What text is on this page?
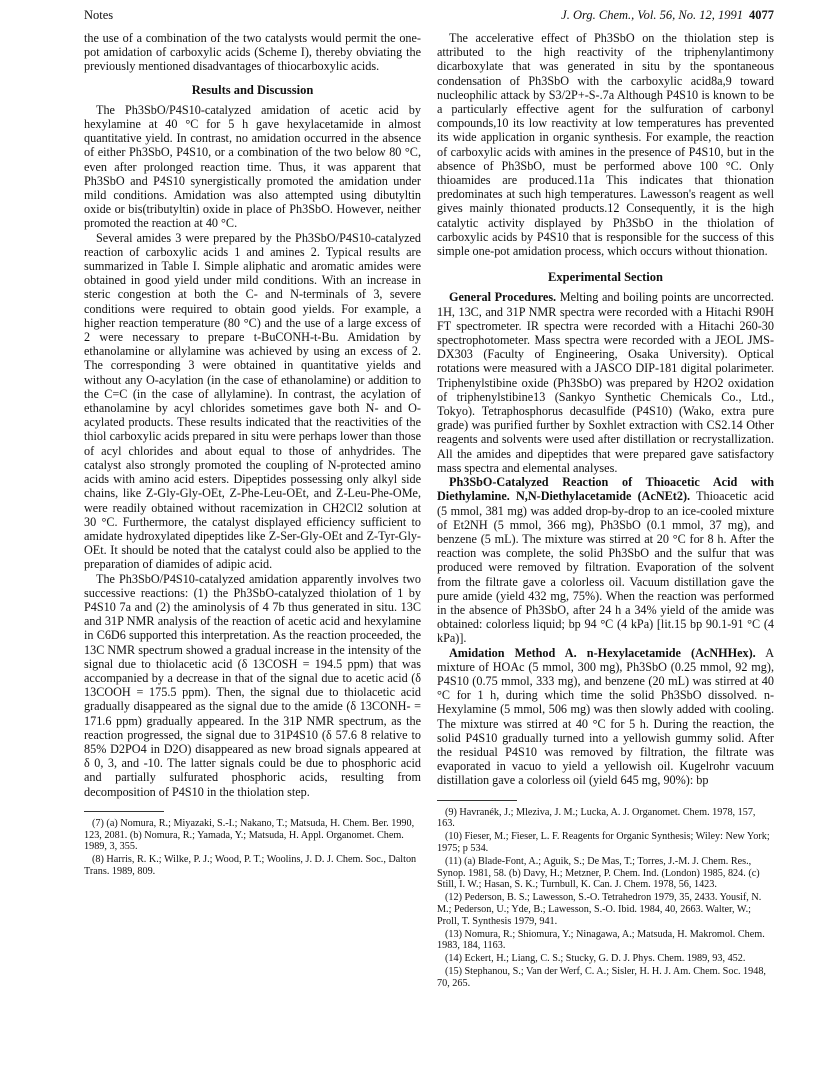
Notes	J. Org. Chem., Vol. 56, No. 12, 1991 4077

the use of a combination of the two catalysts would permit the one-pot amidation of carboxylic acids (Scheme I), thereby obviating the previously mentioned disadvantages of thiocarboxylic acids.

Results and Discussion

The Ph3SbO/P4S10-catalyzed amidation of acetic acid by hexylamine at 40 °C for 5 h gave hexylacetamide in almost quantitative yield. In contrast, no amidation occurred in the absence of either Ph3SbO, P4S10, or a combination of the two below 80 °C, even after prolonged reaction time. Thus, it was apparent that Ph3SbO and P4S10 synergistically promoted the amidation under mild conditions. Amidation was also attempted using dibutyltin oxide or bis(tributyltin) oxide in place of Ph3SbO. However, neither promoted the reaction at 40 °C.

Several amides 3 were prepared by the Ph3SbO/P4S10-catalyzed reaction of carboxylic acids 1 and amines 2. Typical results are summarized in Table I. Simple aliphatic and aromatic amides were obtained in good yield under mild conditions. With an increase in steric congestion at both the C- and N-terminals of 3, severe conditions were required to obtain good yields. For example, a higher reaction temperature (80 °C) and the use of a large excess of 2 were necessary to prepare t-BuCONH-t-Bu. Amidation by ethanolamine or allylamine was achieved by using an excess of 2. The corresponding 3 were obtained in quantitative yields and without any O-acylation (in the case of ethanolamine) or addition to the C=C (in the case of allylamine). In contrast, the acylation of ethanolamine by acyl chlorides sometimes gave both N- and O-acylated products. These results indicated that the reactivities of the thiol carboxylic acids prepared in situ were perhaps lower than those of acyl chlorides and about equal to those of anhydrides. The catalyst also strongly promoted the coupling of N-protected amino acids with amino acid esters. Dipeptides possessing only alkyl side chains, like Z-Gly-Gly-OEt, Z-Phe-Leu-OEt, and Z-Leu-Phe-OMe, were readily obtained without racemization in CH2Cl2 solution at 30 °C. Furthermore, the catalyst displayed efficiency sufficient to amidate hydroxylated dipeptides like Z-Ser-Gly-OEt and Z-Tyr-Gly-OEt. It should be noted that the catalyst could also be applied to the preparation of diamides of adipic acid.

The Ph3SbO/P4S10-catalyzed amidation apparently involves two successive reactions: (1) the Ph3SbO-catalyzed thiolation of 1 by P4S10 7a and (2) the aminolysis of 4 7b thus generated in situ. 13C and 31P NMR analysis of the reaction of acetic acid and hexylamine in C6D6 supported this interpretation. As the reaction proceeded, the 13C NMR spectrum showed a gradual increase in the intensity of the signal due to thiolacetic acid (δ 13COSH = 194.5 ppm) that was accompanied by a decrease in that of the signal due to acetic acid (δ 13COOH = 175.5 ppm). Then, the signal due to thiolacetic acid gradually disappeared as the signal due to the amide (δ 13CONH- = 171.6 ppm) gradually appeared. In the 31P NMR spectrum, as the reaction progressed, the signal due to 31P4S10 (δ 57.6 8 relative to 85% D2PO4 in D2O) disappeared as new broad signals appeared at δ 0, 3, and -10. The latter signals could be due to phosphoric acid and partially sulfurated phosphoric acids, resulting from decomposition of P4S10 in the thiolation step.

(7) (a) Nomura, R.; Miyazaki, S.-I.; Nakano, T.; Matsuda, H. Chem. Ber. 1990, 123, 2081. (b) Nomura, R.; Yamada, Y.; Matsuda, H. Appl. Organomet. Chem. 1989, 3, 355.
(8) Harris, R. K.; Wilke, P. J.; Wood, P. T.; Woolins, J. D. J. Chem. Soc., Dalton Trans. 1989, 809.

The accelerative effect of Ph3SbO on the thiolation step is attributed to the high reactivity of the triphenylantimony dicarboxylate that was generated in situ by the spontaneous condensation of Ph3SbO with the carboxylic acid8a,9 toward nucleophilic attack by S3/2P+-S-.7a Although P4S10 is known to be a particularly effective agent for the sulfuration of carbonyl compounds,10 its low reactivity at low temperatures has prevented its wide application in organic synthesis. For example, the reaction of carboxylic acids with amines in the presence of P4S10, but in the absence of Ph3SbO, must be performed above 100 °C. Only thioamides are produced.11a This indicates that thionation predominates at such high temperatures. Lawesson's reagent as well gives mainly thionated products.12 Consequently, it is the high catalytic activity displayed by Ph3SbO in the thiolation of carboxylic acids by P4S10 that is responsible for the success of this simple one-pot amidation process, which occurs without thionation.

Experimental Section

General Procedures. Melting and boiling points are uncorrected. 1H, 13C, and 31P NMR spectra were recorded with a Hitachi R90H FT spectrometer. IR spectra were recorded with a Hitachi 260-30 spectrophotometer. Mass spectra were recorded with a JEOL JMS-DX303 (Faculty of Engineering, Osaka University). Optical rotations were measured with a JASCO DIP-181 digital polarimeter. Triphenylstibine oxide (Ph3SbO) was prepared by H2O2 oxidation of triphenylstibine13 (Sankyo Synthetic Chemicals Co., Ltd., Tokyo). Tetraphosphorus decasulfide (P4S10) (Wako, extra pure grade) was purified further by Soxhlet extraction with CS2.14 Other reagents and solvents were used after distillation or recrystallization. All the amides and dipeptides that were prepared gave satisfactory mass spectra and elemental analyses.

Ph3SbO-Catalyzed Reaction of Thioacetic Acid with Diethylamine. N,N-Diethylacetamide (AcNEt2). Thioacetic acid (5 mmol, 381 mg) was added drop-by-drop to an ice-cooled mixture of Et2NH (5 mmol, 366 mg), Ph3SbO (0.1 mmol, 37 mg), and benzene (5 mL). The mixture was stirred at 20 °C for 8 h. After the reaction was complete, the solid Ph3SbO and the sulfur that was produced were removed by filtration. Evaporation of the solvent from the filtrate gave a colorless oil. Vacuum distillation gave the pure amide (yield 432 mg, 75%). When the reaction was performed in the absence of Ph3SbO, after 24 h a 34% yield of the amide was obtained: colorless liquid; bp 94 °C (4 kPa) [lit.15 bp 90.1-91 °C (4 kPa)].

Amidation Method A. n-Hexylacetamide (AcNHHex). A mixture of HOAc (5 mmol, 300 mg), Ph3SbO (0.25 mmol, 92 mg), P4S10 (0.75 mmol, 333 mg), and benzene (20 mL) was stirred at 40 °C for 1 h, during which time the solid Ph3SbO dissolved. n-Hexylamine (5 mmol, 506 mg) was then slowly added with cooling. The mixture was stirred at 40 °C for 5 h. During the reaction, the solid P4S10 gradually turned into a yellowish gummy solid. After the residual P4S10 was removed by filtration, the filtrate was evaporated in vacuo to yield a yellowish oil. Kugelrohr vacuum distillation gave a colorless oil (yield 645 mg, 90%): bp

(9) Havranék, J.; Mleziva, J. M.; Lucka, A. J. Organomet. Chem. 1978, 157, 163.
(10) Fieser, M.; Fieser, L. F. Reagents for Organic Synthesis; Wiley: New York; 1975; p 534.
(11) (a) Blade-Font, A.; Aguik, S.; De Mas, T.; Torres, J.-M. J. Chem. Res., Synop. 1981, 58. (b) Davy, H.; Metzner, P. Chem. Ind. (London) 1985, 824. (c) Still, I. W.; Hasan, S. K.; Turnbull, K. Can. J. Chem. 1978, 56, 1423.
(12) Pederson, B. S.; Lawesson, S.-O. Tetrahedron 1979, 35, 2433. Yousif, N. M.; Pederson, U.; Yde, B.; Lawesson, S.-O. Ibid. 1984, 40, 2663. Walter, W.; Proll, T. Synthesis 1979, 941.
(13) Nomura, R.; Shiomura, Y.; Ninagawa, A.; Matsuda, H. Makromol. Chem. 1983, 184, 1163.
(14) Eckert, H.; Liang, C. S.; Stucky, G. D. J. Phys. Chem. 1989, 93, 452.
(15) Stephanou, S.; Van der Werf, C. A.; Sisler, H. H. J. Am. Chem. Soc. 1948, 70, 265.
